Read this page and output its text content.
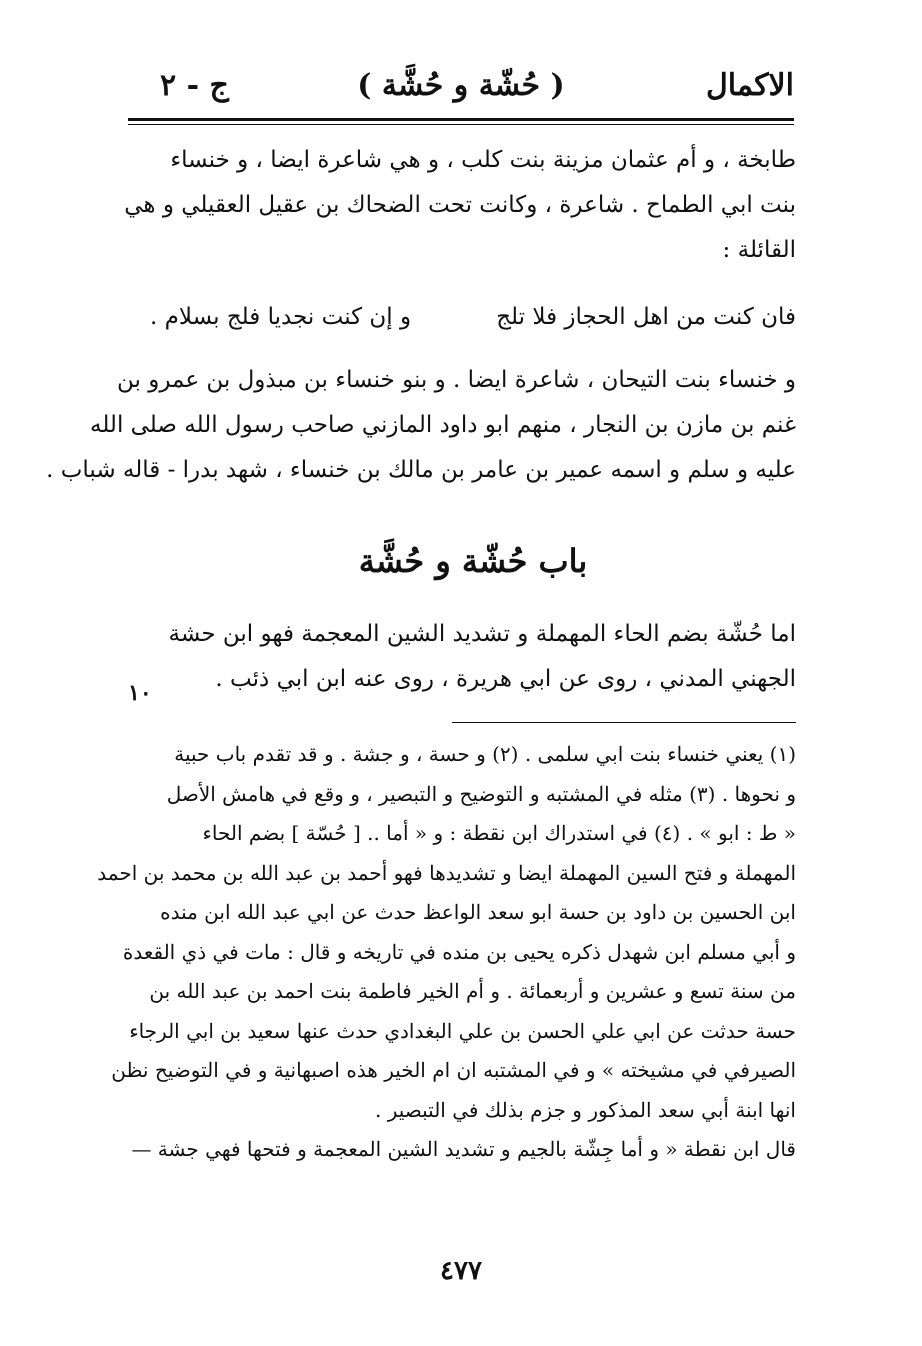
ج - ٢	( حُشّة و حُشَّة )	الاكمال
طابخة ، و أم عثمان مزينة بنت كلب ، و هي شاعرة ايضا ، و خنساء
بنت ابي الطماح . شاعرة ، وكانت تحت الضحاك بن عقيل العقيلي و هي
القائلة :
فان كنت من اهل الحجاز فلا تلج
و إن كنت نجديا فلج بسلام .
و خنساء بنت التيحان ، شاعرة ايضا . و بنو خنساء بن مبذول بن عمرو بن
غنم بن مازن بن النجار ، منهم ابو داود المازني صاحب رسول الله صلى الله
عليه و سلم و اسمه عمير بن عامر بن مالك بن خنساء ، شهد بدرا - قاله شباب .
باب حُشّة و حُشَّة
اما حُشّة بضم الحاء المهملة و تشديد الشين المعجمة فهو ابن حشة
الجهني المدني ، روى عن ابي هريرة ، روى عنه ابن ابي ذئب .
١٠
(١) يعني خنساء بنت ابي سلمى . (٢) و حسة ، و جشة . و قد تقدم باب حبية
و نحوها . (٣) مثله في المشتبه و التوضيح و التبصير ، و وقع في هامش الأصل
« ط : ابو » . (٤) في استدراك ابن نقطة : و « أما .. [ حُسّة ] بضم الحاء
المهملة و فتح السين المهملة ايضا و تشديدها فهو أحمد بن عبد الله بن محمد بن احمد
ابن الحسين بن داود بن حسة ابو سعد الواعظ حدث عن ابي عبد الله ابن منده
و أبي مسلم ابن شهدل ذكره يحيى بن منده في تاريخه و قال : مات في ذي القعدة
من سنة تسع و عشرين و أربعمائة . و أم الخير فاطمة بنت احمد بن عبد الله بن
حسة حدثت عن ابي علي الحسن بن علي البغدادي حدث عنها سعيد بن ابي الرجاء
الصيرفي في مشيخته » و في المشتبه ان ام الخير هذه اصبهانية و في التوضيح نظن
انها ابنة أبي سعد المذكور و جزم بذلك في التبصير .
قال ابن نقطة « و أما جِشّة بالجيم و تشديد الشين المعجمة و فتحها فهي جشة —
٤٧٧
